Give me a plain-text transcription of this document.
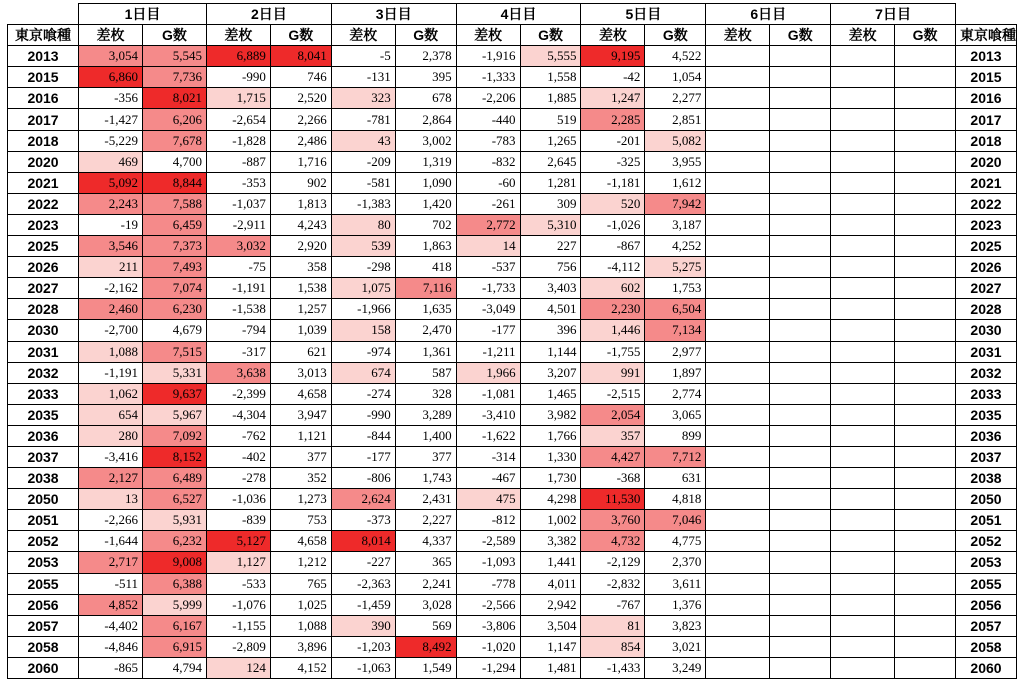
	1日目		2日目		3日目		4日目		5日目		6日目		7日目		
東京喰種	差枚	G数	差枚	G数	差枚	G数	差枚	G数	差枚	G数	差枚	G数	差枚	G数	東京喰種
2013	3,054	5,545	6,889	8,041	-5	2,378	-1,916	5,555	9,195	4,522					2013
2015	6,860	7,736	-990	746	-131	395	-1,333	1,558	-42	1,054					2015
2016	-356	8,021	1,715	2,520	323	678	-2,206	1,885	1,247	2,277					2016
2017	-1,427	6,206	-2,654	2,266	-781	2,864	-440	519	2,285	2,851					2017
2018	-5,229	7,678	-1,828	2,486	43	3,002	-783	1,265	-201	5,082					2018
2020	469	4,700	-887	1,716	-209	1,319	-832	2,645	-325	3,955					2020
2021	5,092	8,844	-353	902	-581	1,090	-60	1,281	-1,181	1,612					2021
2022	2,243	7,588	-1,037	1,813	-1,383	1,420	-261	309	520	7,942					2022
2023	-19	6,459	-2,911	4,243	80	702	2,772	5,310	-1,026	3,187					2023
2025	3,546	7,373	3,032	2,920	539	1,863	14	227	-867	4,252					2025
2026	211	7,493	-75	358	-298	418	-537	756	-4,112	5,275					2026
2027	-2,162	7,074	-1,191	1,538	1,075	7,116	-1,733	3,403	602	1,753					2027
2028	2,460	6,230	-1,538	1,257	-1,966	1,635	-3,049	4,501	2,230	6,504					2028
2030	-2,700	4,679	-794	1,039	158	2,470	-177	396	1,446	7,134					2030
2031	1,088	7,515	-317	621	-974	1,361	-1,211	1,144	-1,755	2,977					2031
2032	-1,191	5,331	3,638	3,013	674	587	1,966	3,207	991	1,897					2032
2033	1,062	9,637	-2,399	4,658	-274	328	-1,081	1,465	-2,515	2,774					2033
2035	654	5,967	-4,304	3,947	-990	3,289	-3,410	3,982	2,054	3,065					2035
2036	280	7,092	-762	1,121	-844	1,400	-1,622	1,766	357	899					2036
2037	-3,416	8,152	-402	377	-177	377	-314	1,330	4,427	7,712					2037
2038	2,127	6,489	-278	352	-806	1,743	-467	1,730	-368	631					2038
2050	13	6,527	-1,036	1,273	2,624	2,431	475	4,298	11,530	4,818					2050
2051	-2,266	5,931	-839	753	-373	2,227	-812	1,002	3,760	7,046					2051
2052	-1,644	6,232	5,127	4,658	8,014	4,337	-2,589	3,382	4,732	4,775					2052
2053	2,717	9,008	1,127	1,212	-227	365	-1,093	1,441	-2,129	2,370					2053
2055	-511	6,388	-533	765	-2,363	2,241	-778	4,011	-2,832	3,611					2055
2056	4,852	5,999	-1,076	1,025	-1,459	3,028	-2,566	2,942	-767	1,376					2056
2057	-4,402	6,167	-1,155	1,088	390	569	-3,806	3,504	81	3,823					2057
2058	-4,846	6,915	-2,809	3,896	-1,203	8,492	-1,020	1,147	854	3,021					2058
2060	-865	4,794	124	4,152	-1,063	1,549	-1,294	1,481	-1,433	3,249					2060
